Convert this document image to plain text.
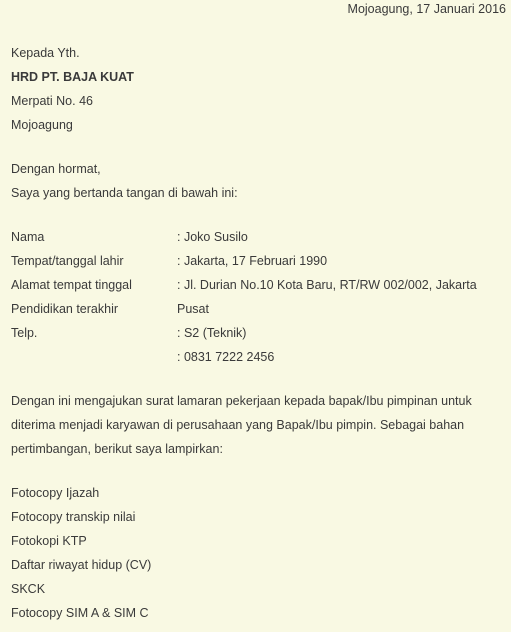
Mojoagung, 17 Januari 2016
Kepada Yth.
HRD PT. BAJA KUAT
Merpati No. 46
Mojoagung
Dengan hormat,
Saya yang bertanda tangan di bawah ini:
Nama
Tempat/tanggal lahir
Alamat tempat tinggal
Pendidikan terakhir
Telp.
: Joko Susilo
: Jakarta, 17 Februari 1990
: Jl. Durian No.10 Kota Baru, RT/RW 002/002, Jakarta
Pusat
: S2 (Teknik)
: 0831 7222 2456
Dengan ini mengajukan surat lamaran pekerjaan kepada bapak/Ibu pimpinan untuk
diterima menjadi karyawan di perusahaan yang Bapak/Ibu pimpin. Sebagai bahan
pertimbangan, berikut saya lampirkan:
Fotocopy Ijazah
Fotocopy transkip nilai
Fotokopi KTP
Daftar riwayat hidup (CV)
SKCK
Fotocopy SIM A & SIM C
